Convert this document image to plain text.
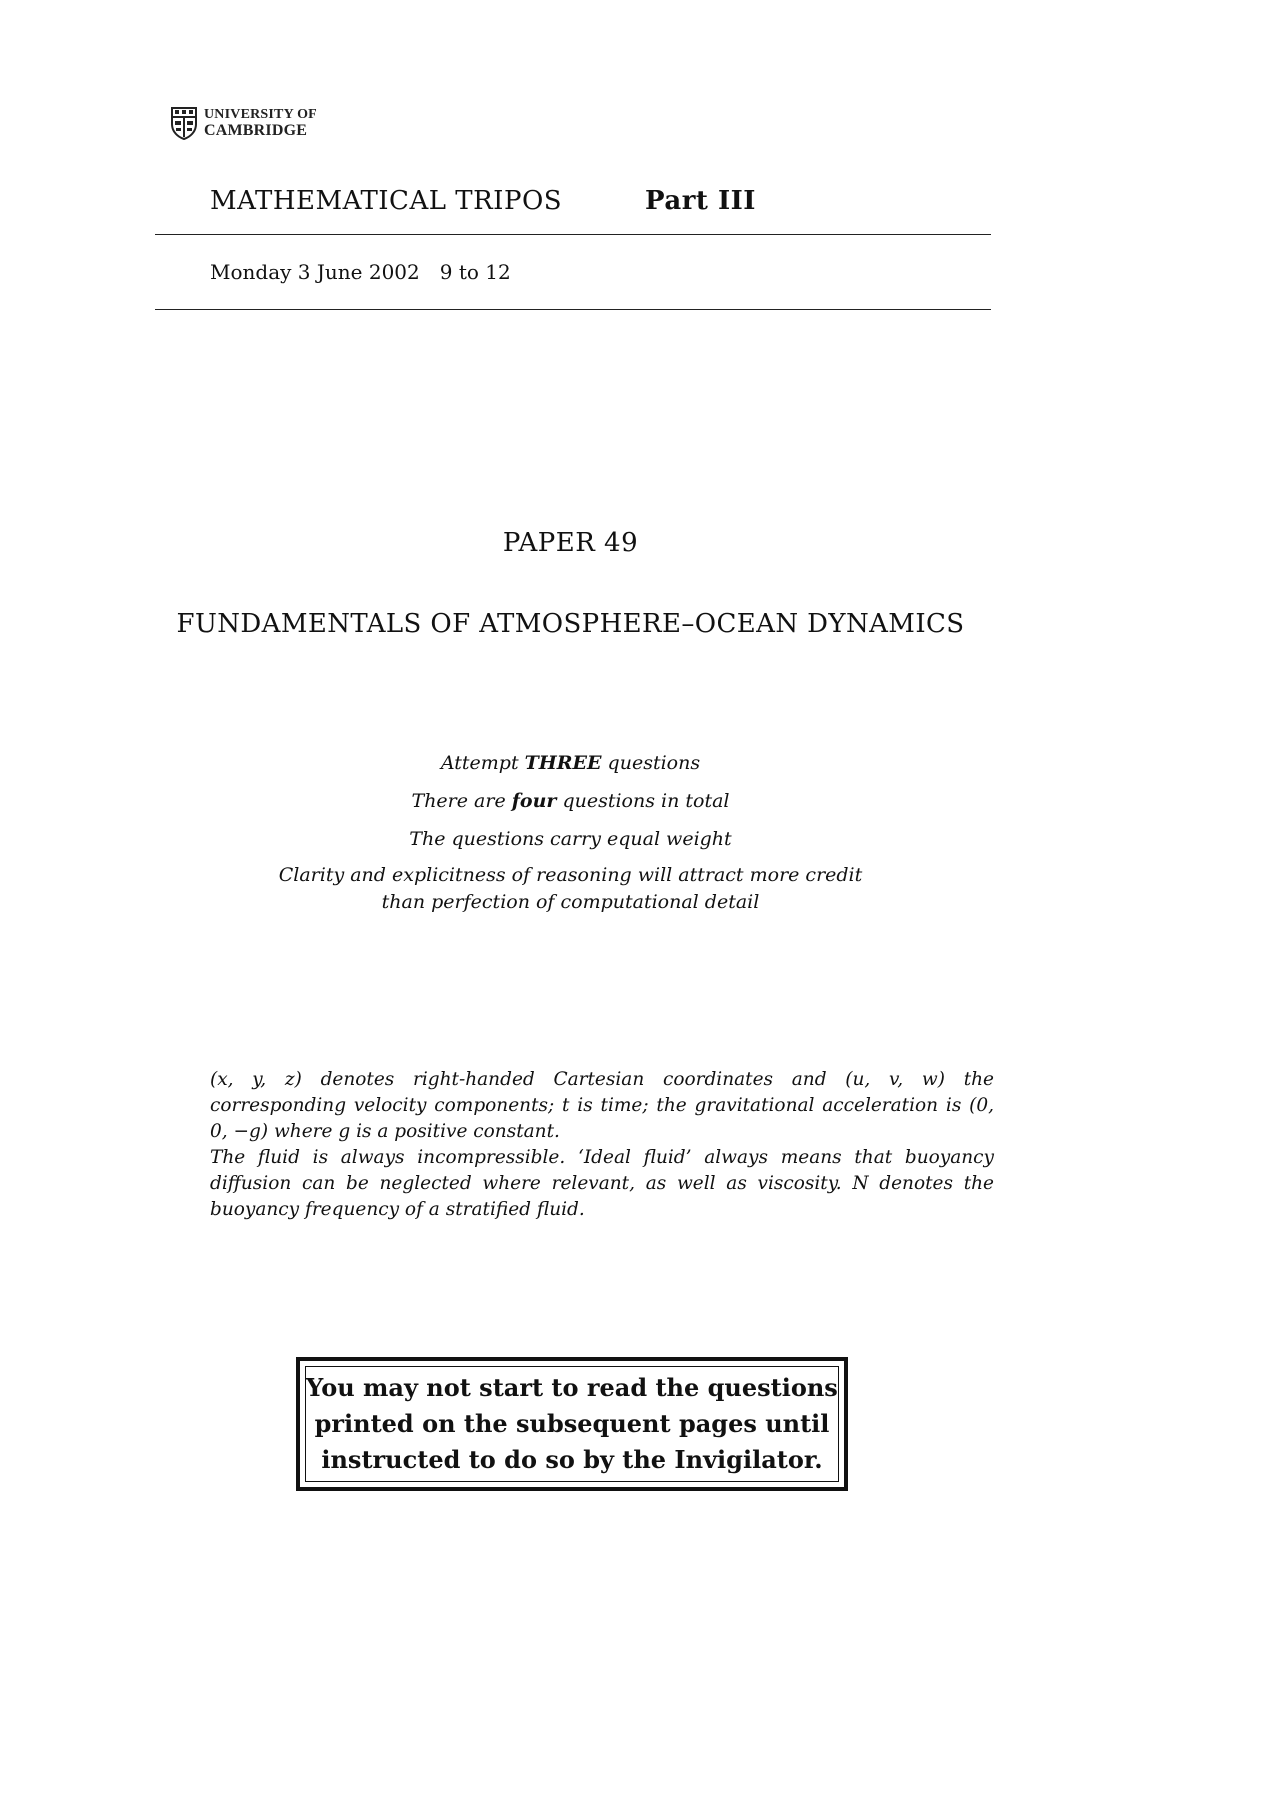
UNIVERSITY OF
CAMBRIDGE
MATHEMATICAL TRIPOS	Part III
Monday 3 June 2002 9 to 12
PAPER 49
FUNDAMENTALS OF ATMOSPHERE–OCEAN DYNAMICS
Attempt THREE questions
There are four questions in total
The questions carry equal weight
Clarity and explicitness of reasoning will attract more credit
than perfection of computational detail

(x, y, z) denotes right-handed Cartesian coordinates and (u, v, w) the corresponding velocity components; t is time; the gravitational acceleration is (0, 0, −g) where g is a positive constant.

The fluid is always incompressible. ‘Ideal fluid’ always means that buoyancy diffusion can be neglected where relevant, as well as viscosity. N denotes the buoyancy frequency of a stratified fluid.

You may not start to read the questions
printed on the subsequent pages until
instructed to do so by the Invigilator.
